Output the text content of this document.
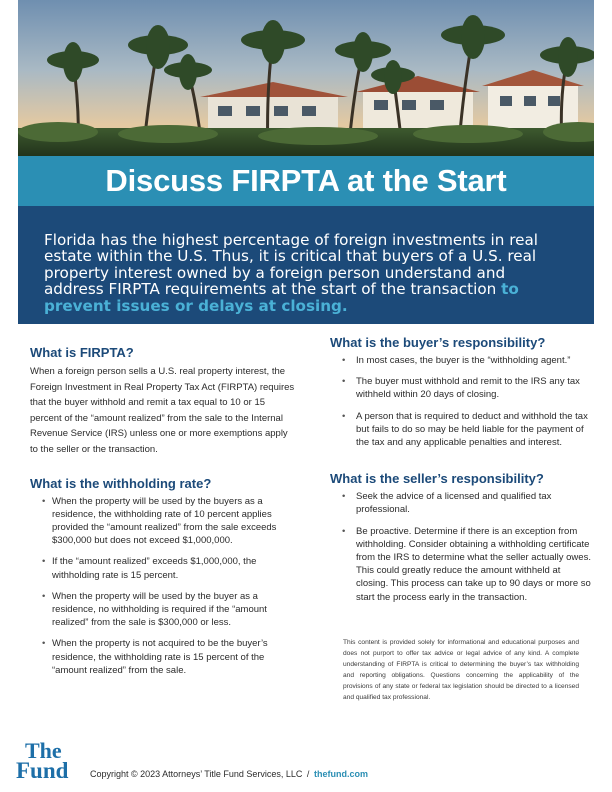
Discuss FIRPTA at the Start

Florida has the highest percentage of foreign investments in real estate within the U.S. Thus, it is critical that buyers of a U.S. real property interest owned by a foreign person understand and address FIRPTA requirements at the start of the transaction to prevent issues or delays at closing.

What is FIRPTA?

When a foreign person sells a U.S. real property interest, the Foreign Investment in Real Property Tax Act (FIRPTA) requires that the buyer withhold and remit a tax equal to 10 or 15 percent of the “amount realized” from the sale to the Internal Revenue Service (IRS) unless one or more exemptions apply to the seller or the transaction.

What is the withholding rate?
• When the property will be used by the buyers as a residence, the withholding rate of 10 percent applies provided the “amount realized” from the sale exceeds $300,000 but does not exceed $1,000,000.
• If the “amount realized” exceeds $1,000,000, the withholding rate is 15 percent.
• When the property will be used by the buyer as a residence, no withholding is required if the “amount realized” from the sale is $300,000 or less.
• When the property is not acquired to be the buyer’s residence, the withholding rate is 15 percent of the “amount realized” from the sale.
What is the buyer’s responsibility?
• In most cases, the buyer is the “withholding agent.”
• The buyer must withhold and remit to the IRS any tax withheld within 20 days of closing.
• A person that is required to deduct and withhold the tax but fails to do so may be held liable for the payment of the tax and any applicable penalties and interest.
What is the seller’s responsibility?
• Seek the advice of a licensed and qualified tax professional.
• Be proactive. Determine if there is an exception from withholding. Consider obtaining a withholding certificate from the IRS to determine what the seller actually owes. This could greatly reduce the amount withheld at closing. This process can take up to 90 days or more so start the process early in the transaction.

This content is provided solely for informational and educational purposes and does not purport to offer tax advice or legal advice of any kind. A complete understanding of FIRPTA is critical to determining the buyer’s tax withholding and reporting obligations. Questions concerning the applicability of the provisions of any state or federal tax legislation should be directed to a licensed and qualified tax professional.

The
Fund Copyright © 2023 Attorneys’ Title Fund Services, LLC / thefund.com
